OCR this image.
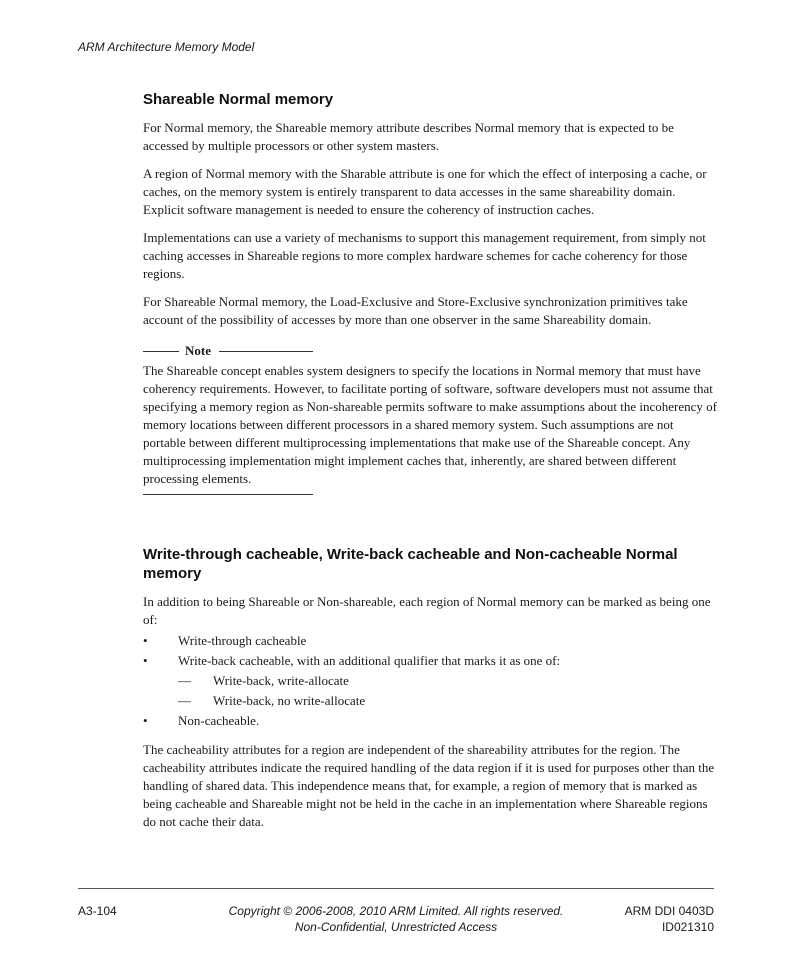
ARM Architecture Memory Model
Shareable Normal memory

For Normal memory, the Shareable memory attribute describes Normal memory that is expected to be accessed by multiple processors or other system masters.

A region of Normal memory with the Sharable attribute is one for which the effect of interposing a cache, or caches, on the memory system is entirely transparent to data accesses in the same shareability domain. Explicit software management is needed to ensure the coherency of instruction caches.

Implementations can use a variety of mechanisms to support this management requirement, from simply not caching accesses in Shareable regions to more complex hardware schemes for cache coherency for those regions.

For Shareable Normal memory, the Load-Exclusive and Store-Exclusive synchronization primitives take account of the possibility of accesses by more than one observer in the same Shareability domain.

Note

The Shareable concept enables system designers to specify the locations in Normal memory that must have coherency requirements. However, to facilitate porting of software, software developers must not assume that specifying a memory region as Non-shareable permits software to make assumptions about the incoherency of memory locations between different processors in a shared memory system. Such assumptions are not portable between different multiprocessing implementations that make use of the Shareable concept. Any multiprocessing implementation might implement caches that, inherently, are shared between different processing elements.

Write-through cacheable, Write-back cacheable and Non-cacheable Normal memory

In addition to being Shareable or Non-shareable, each region of Normal memory can be marked as being one of:

• Write-through cacheable
• Write-back cacheable, with an additional qualifier that marks it as one of:
— Write-back, write-allocate
— Write-back, no write-allocate
• Non-cacheable.

The cacheability attributes for a region are independent of the shareability attributes for the region. The cacheability attributes indicate the required handling of the data region if it is used for purposes other than the handling of shared data. This independence means that, for example, a region of memory that is marked as being cacheable and Shareable might not be held in the cache in an implementation where Shareable regions do not cache their data.

A3-104	Copyright © 2006-2008, 2010 ARM Limited. All rights reserved.
Non-Confidential, Unrestricted Access
ARM DDI 0403D
ID021310
